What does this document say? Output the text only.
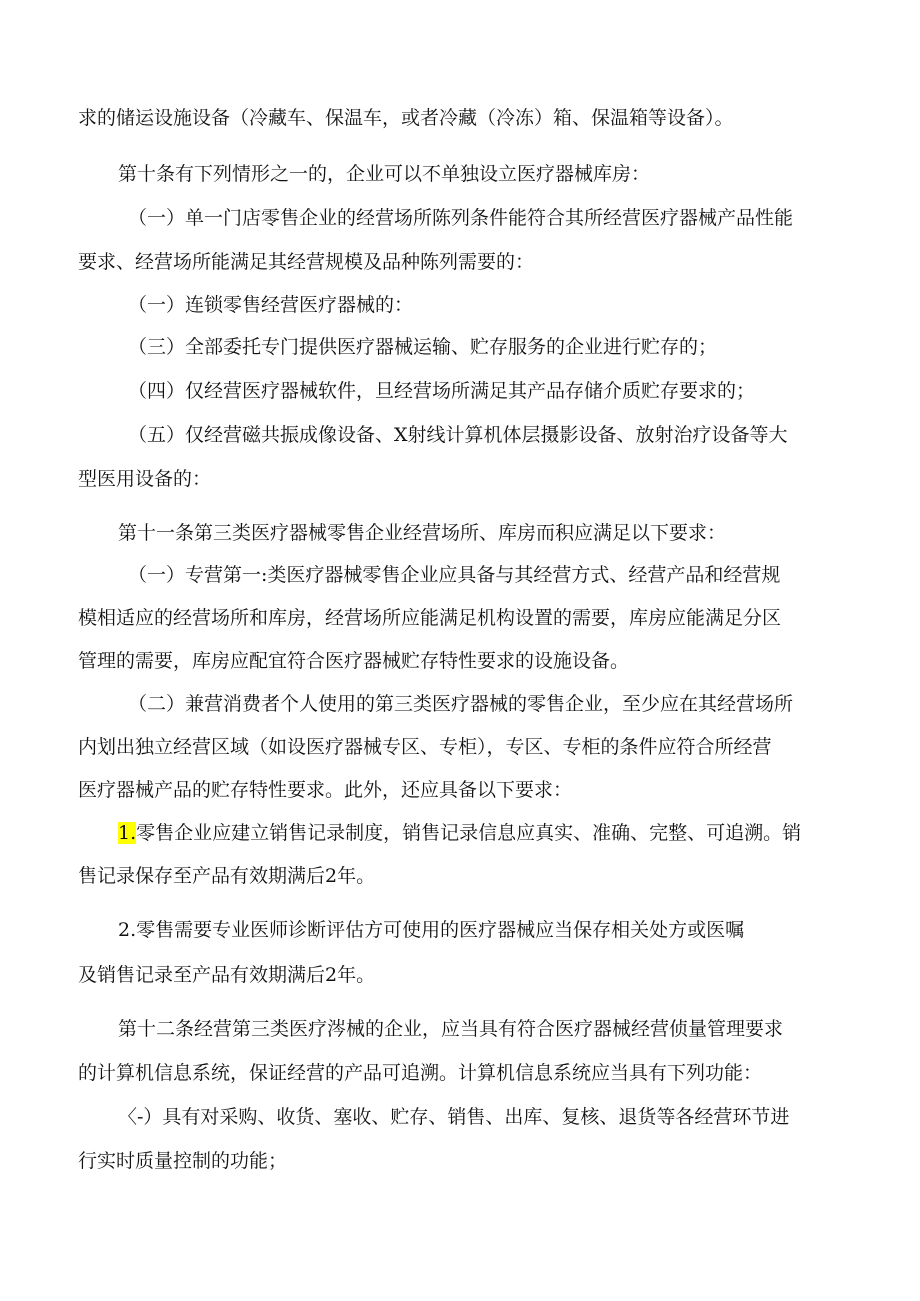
求的储运设施设备（冷藏车、保温车，或者冷藏（冷冻）箱、保温箱等设备）。
第十条有下列情形之一的，企业可以不单独设立医疗器械库房：
（一）单一门店零售企业的经营场所陈列条件能符合其所经营医疗器械产品性能
要求、经营场所能满足其经营规模及品种陈列需要的：
（一）连锁零售经营医疗器械的：
（三）全部委托专门提供医疗器械运输、贮存服务的企业进行贮存的；
（四）仅经营医疗器械软件，旦经营场所满足其产品存储介质贮存要求的；
（五）仅经营磁共振成像设备、X射线计算机体层摄影设备、放射治疗设备等大
型医用设备的：
第十一条第三类医疗器械零售企业经营场所、库房而积应满足以下要求：
（一）专营第一:类医疗器械零售企业应具备与其经营方式、经营产品和经营规
模相适应的经营场所和库房，经营场所应能满足机构设置的需要，库房应能满足分区
管理的需要，库房应配宜符合医疗器械贮存特性要求的设施设备。
（二）兼营消费者个人使用的第三类医疗器械的零售企业，至少应在其经营场所
内划出独立经营区域（如设医疗器械专区、专柜），专区、专柜的条件应符合所经营
医疗器械产品的贮存特性要求。此外，还应具备以下要求：
1.零售企业应建立销售记录制度，销售记录信息应真实、准确、完整、可追溯。销
售记录保存至产品有效期满后2年。
2.零售需要专业医师诊断评估方可使用的医疗器械应当保存相关处方或医嘱
及销售记录至产品有效期满后2年。
第十二条经营第三类医疗涔械的企业，应当具有符合医疗器械经营侦量管理要求
的计算机信息系统，保证经营的产品可追溯。计算机信息系统应当具有下列功能：
〈-）具有对采购、收货、塞收、贮存、销售、出库、复核、退货等各经营环节进
行实时质量控制的功能；
